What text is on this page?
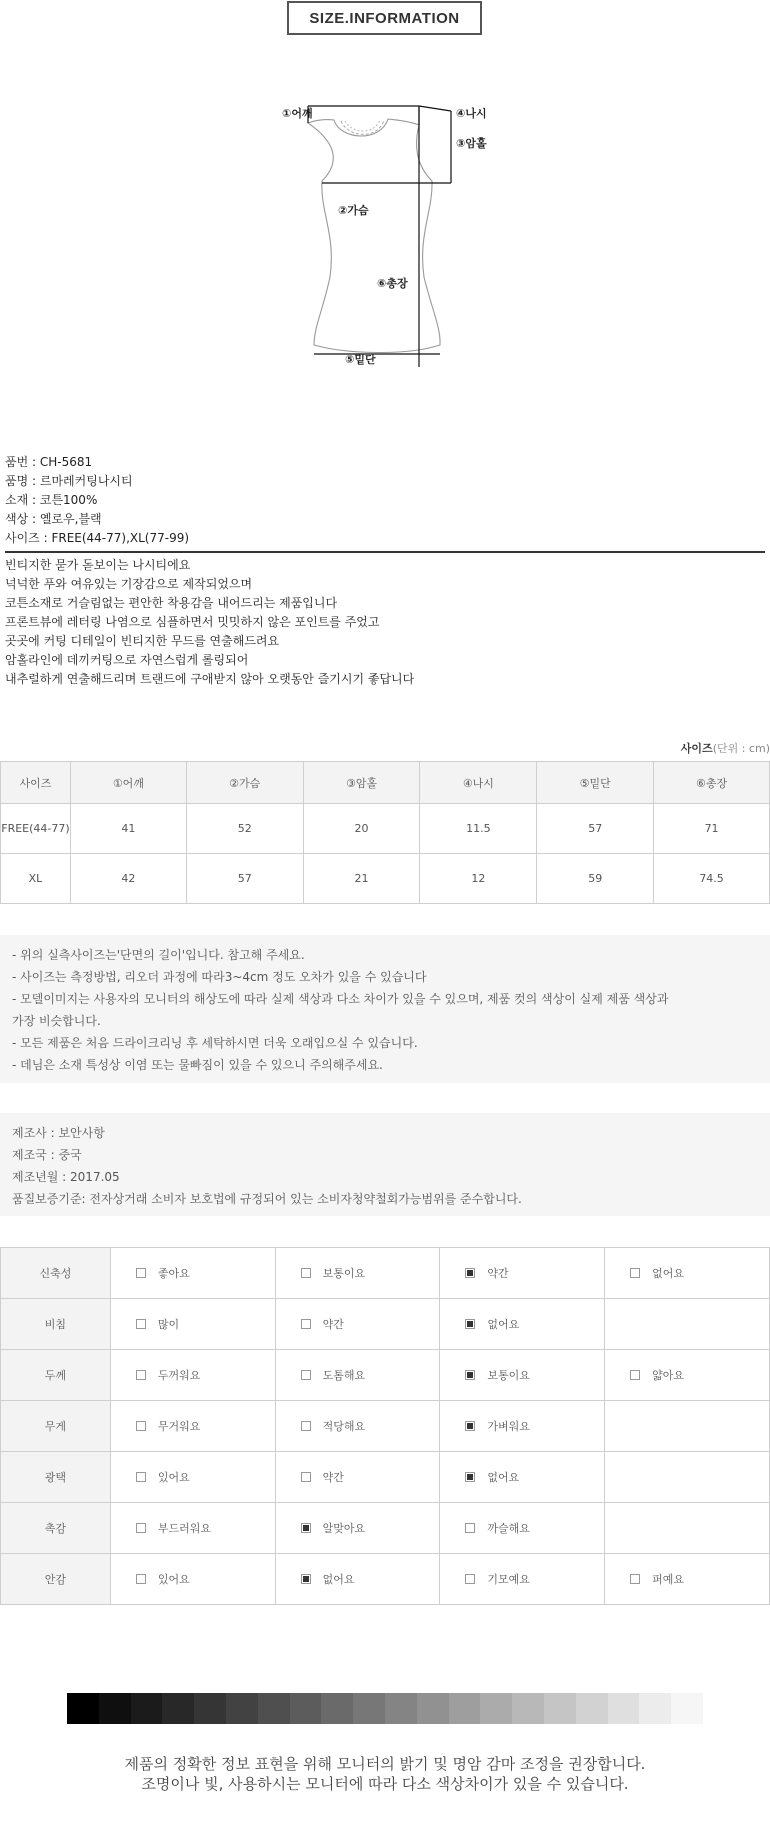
SIZE.INFORMATION
①어깨	④나시
③암홀
②가슴
⑥총장
⑤밑단
품번 : CH-5681
품명 : 르마레커팅나시티
소재 : 코튼100%
색상 : 옐로우,블랙
사이즈 : FREE(44-77),XL(77-99)
빈티지한 묻가 돋보이는 나시티에요
넉넉한 푸와 여유있는 기장감으로 제작되었으며
코튼소재로 거슬림없는 편안한 착용감을 내어드리는 제품입니다
프론트뷰에 레터링 나염으로 심플하면서 밋밋하지 않은 포인트를 주었고
곳곳에 커팅 디테일이 빈티지한 무드를 연출해드려요
암홀라인에 데끼커팅으로 자연스럽게 롤링되어
내추럴하게 연출해드리며 트랜드에 구애받지 않아 오랫동안 즐기시기 좋답니다
사이즈(단위 : cm)
사이즈	①어깨	②가슴	③암홀	④나시	⑤밑단	⑥총장
FREE(44-77)	41	52	20	11.5	57	71
XL	42	57	21	12	59	74.5
- 위의 실측사이즈는'단면의 길이'입니다. 참고해 주세요.
- 사이즈는 측정방법, 리오더 과정에 따라3~4cm 정도 오차가 있을 수 있습니다
- 모델이미지는 사용자의 모니터의 해상도에 따라 실제 색상과 다소 차이가 있을 수 있으며, 제품 컷의 색상이 실제 제품 색상과
가장 비슷합니다.
- 모든 제품은 처음 드라이크리닝 후 세탁하시면 더욱 오래입으실 수 있습니다.
- 데님은 소재 특성상 이염 또는 물빠짐이 있을 수 있으니 주의해주세요.
제조사 : 보안사항
제조국 : 중국
제조년월 : 2017.05
품질보증기준: 전자상거래 소비자 보호법에 규정되어 있는 소비자청약철회가능범위를 준수합니다.
신축성	좋아요	보통이요	약간	없어요
비침	많이	약간	없어요	
두께	두꺼워요	도톰해요	보통이요	얇아요
무게	무거워요	적당해요	가벼워요	
광택	있어요	약간	없어요	
촉감	부드러워요	알맞아요	까슬해요	
안감	있어요	없어요	기모예요	퍼예요
제품의 정확한 정보 표현을 위해 모니터의 밝기 및 명암 감마 조정을 권장합니다.
조명이나 빛, 사용하시는 모니터에 따라 다소 색상차이가 있을 수 있습니다.
